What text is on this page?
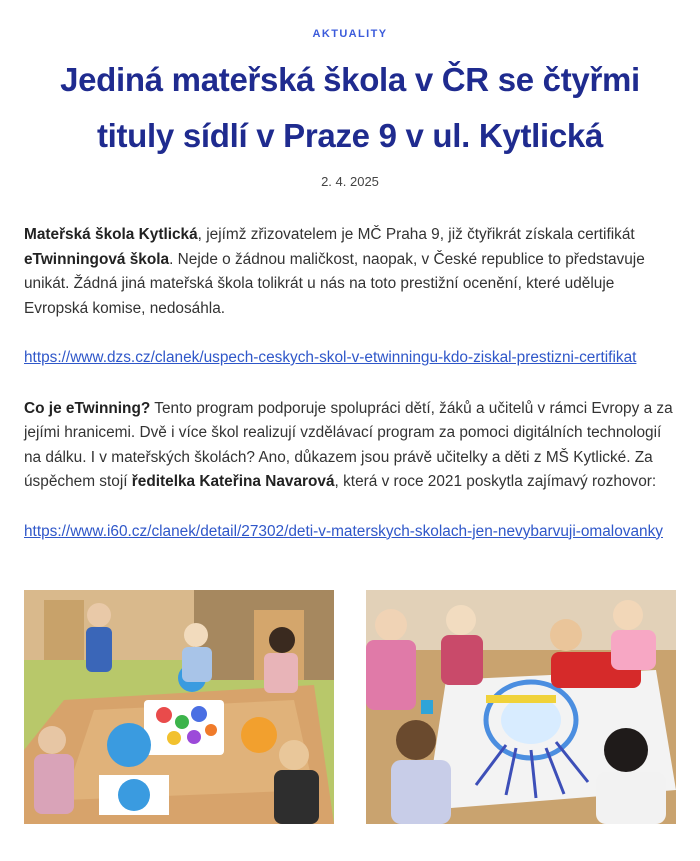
AKTUALITY
Jediná mateřská škola v ČR se čtyřmi tituly sídlí v Praze 9 v ul. Kytlická
2. 4. 2025

Mateřská škola Kytlická, jejímž zřizovatelem je MČ Praha 9, již čtyřikrát získala certifikát eTwinningová škola. Nejde o žádnou maličkost, naopak, v České republice to představuje unikát. Žádná jiná mateřská škola tolikrát u nás na toto prestižní ocenění, které uděluje Evropská komise, nedosáhla.

https://www.dzs.cz/clanek/uspech-ceskych-skol-v-etwinningu-kdo-ziskal-prestizni-certifikat

Co je eTwinning? Tento program podporuje spolupráci dětí, žáků a učitelů v rámci Evropy a za jejími hranicemi. Dvě i více škol realizují vzdělávací program za pomoci digitálních technologií na dálku. I v mateřských školách? Ano, důkazem jsou právě učitelky a děti z MŠ Kytlické. Za úspěchem stojí ředitelka Kateřina Navarová, která v roce 2021 poskytla zajímavý rozhovor:

https://www.i60.cz/clanek/detail/27302/deti-v-materskych-skolach-jen-nevybarvuji-omalovanky
